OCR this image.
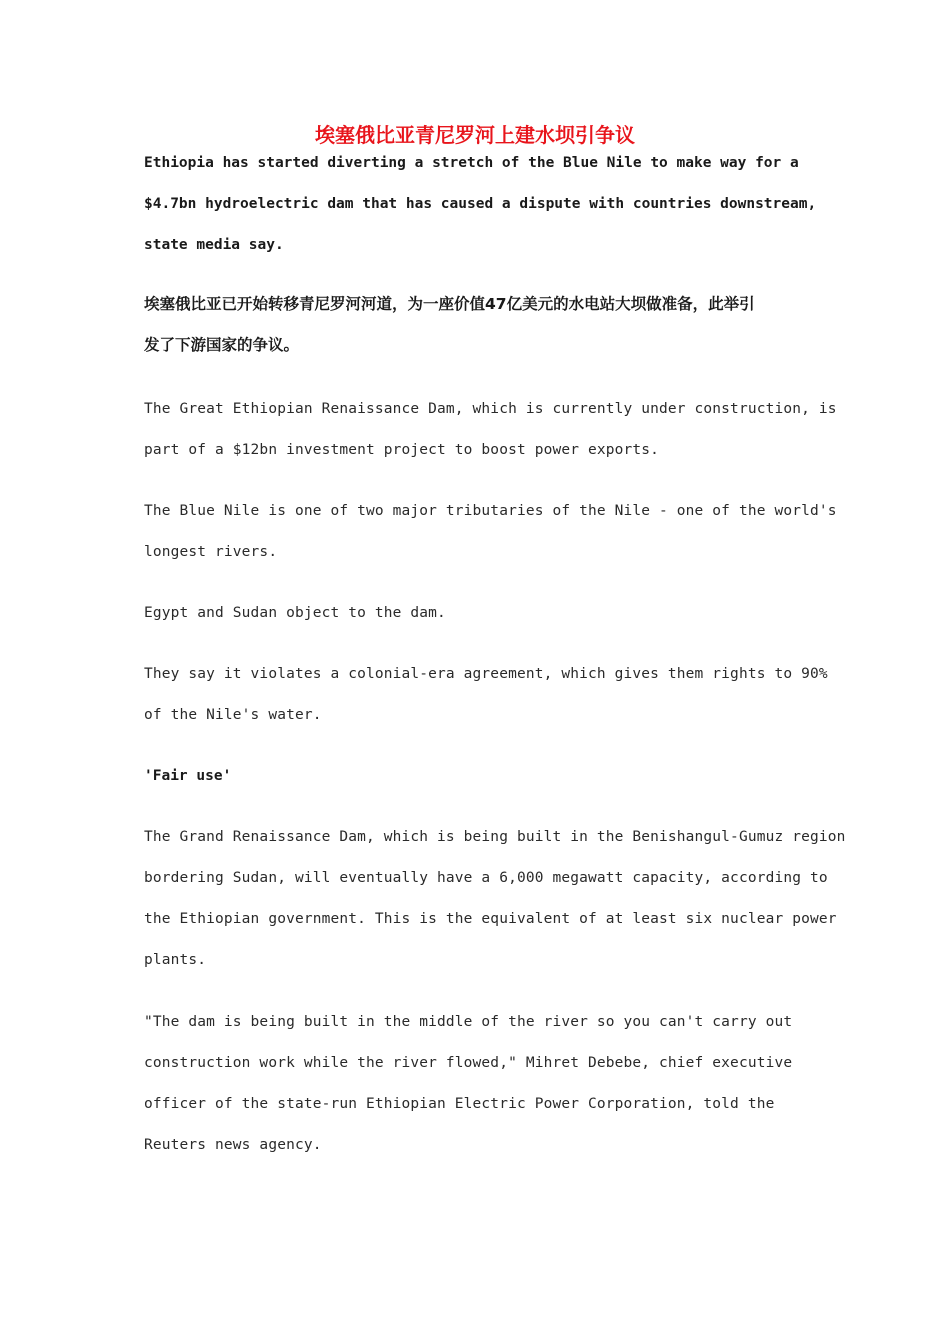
埃塞俄比亚青尼罗河上建水坝引争议
Ethiopia has started diverting a stretch of the Blue Nile to make way for a
$4.7bn hydroelectric dam that has caused a dispute with countries downstream,
state media say.
埃塞俄比亚已开始转移青尼罗河河道，为一座价值47亿美元的水电站大坝做准备，此举引
发了下游国家的争议。
The Great Ethiopian Renaissance Dam, which is currently under construction, is
part of a $12bn investment project to boost power exports.
The Blue Nile is one of two major tributaries of the Nile - one of the world's
longest rivers.
Egypt and Sudan object to the dam.
They say it violates a colonial-era agreement, which gives them rights to 90%
of the Nile's water.
'Fair use'
The Grand Renaissance Dam, which is being built in the Benishangul-Gumuz region
bordering Sudan, will eventually have a 6,000 megawatt capacity, according to
the Ethiopian government. This is the equivalent of at least six nuclear power
plants.
"The dam is being built in the middle of the river so you can't carry out
construction work while the river flowed," Mihret Debebe, chief executive
officer of the state-run Ethiopian Electric Power Corporation, told the
Reuters news agency.
